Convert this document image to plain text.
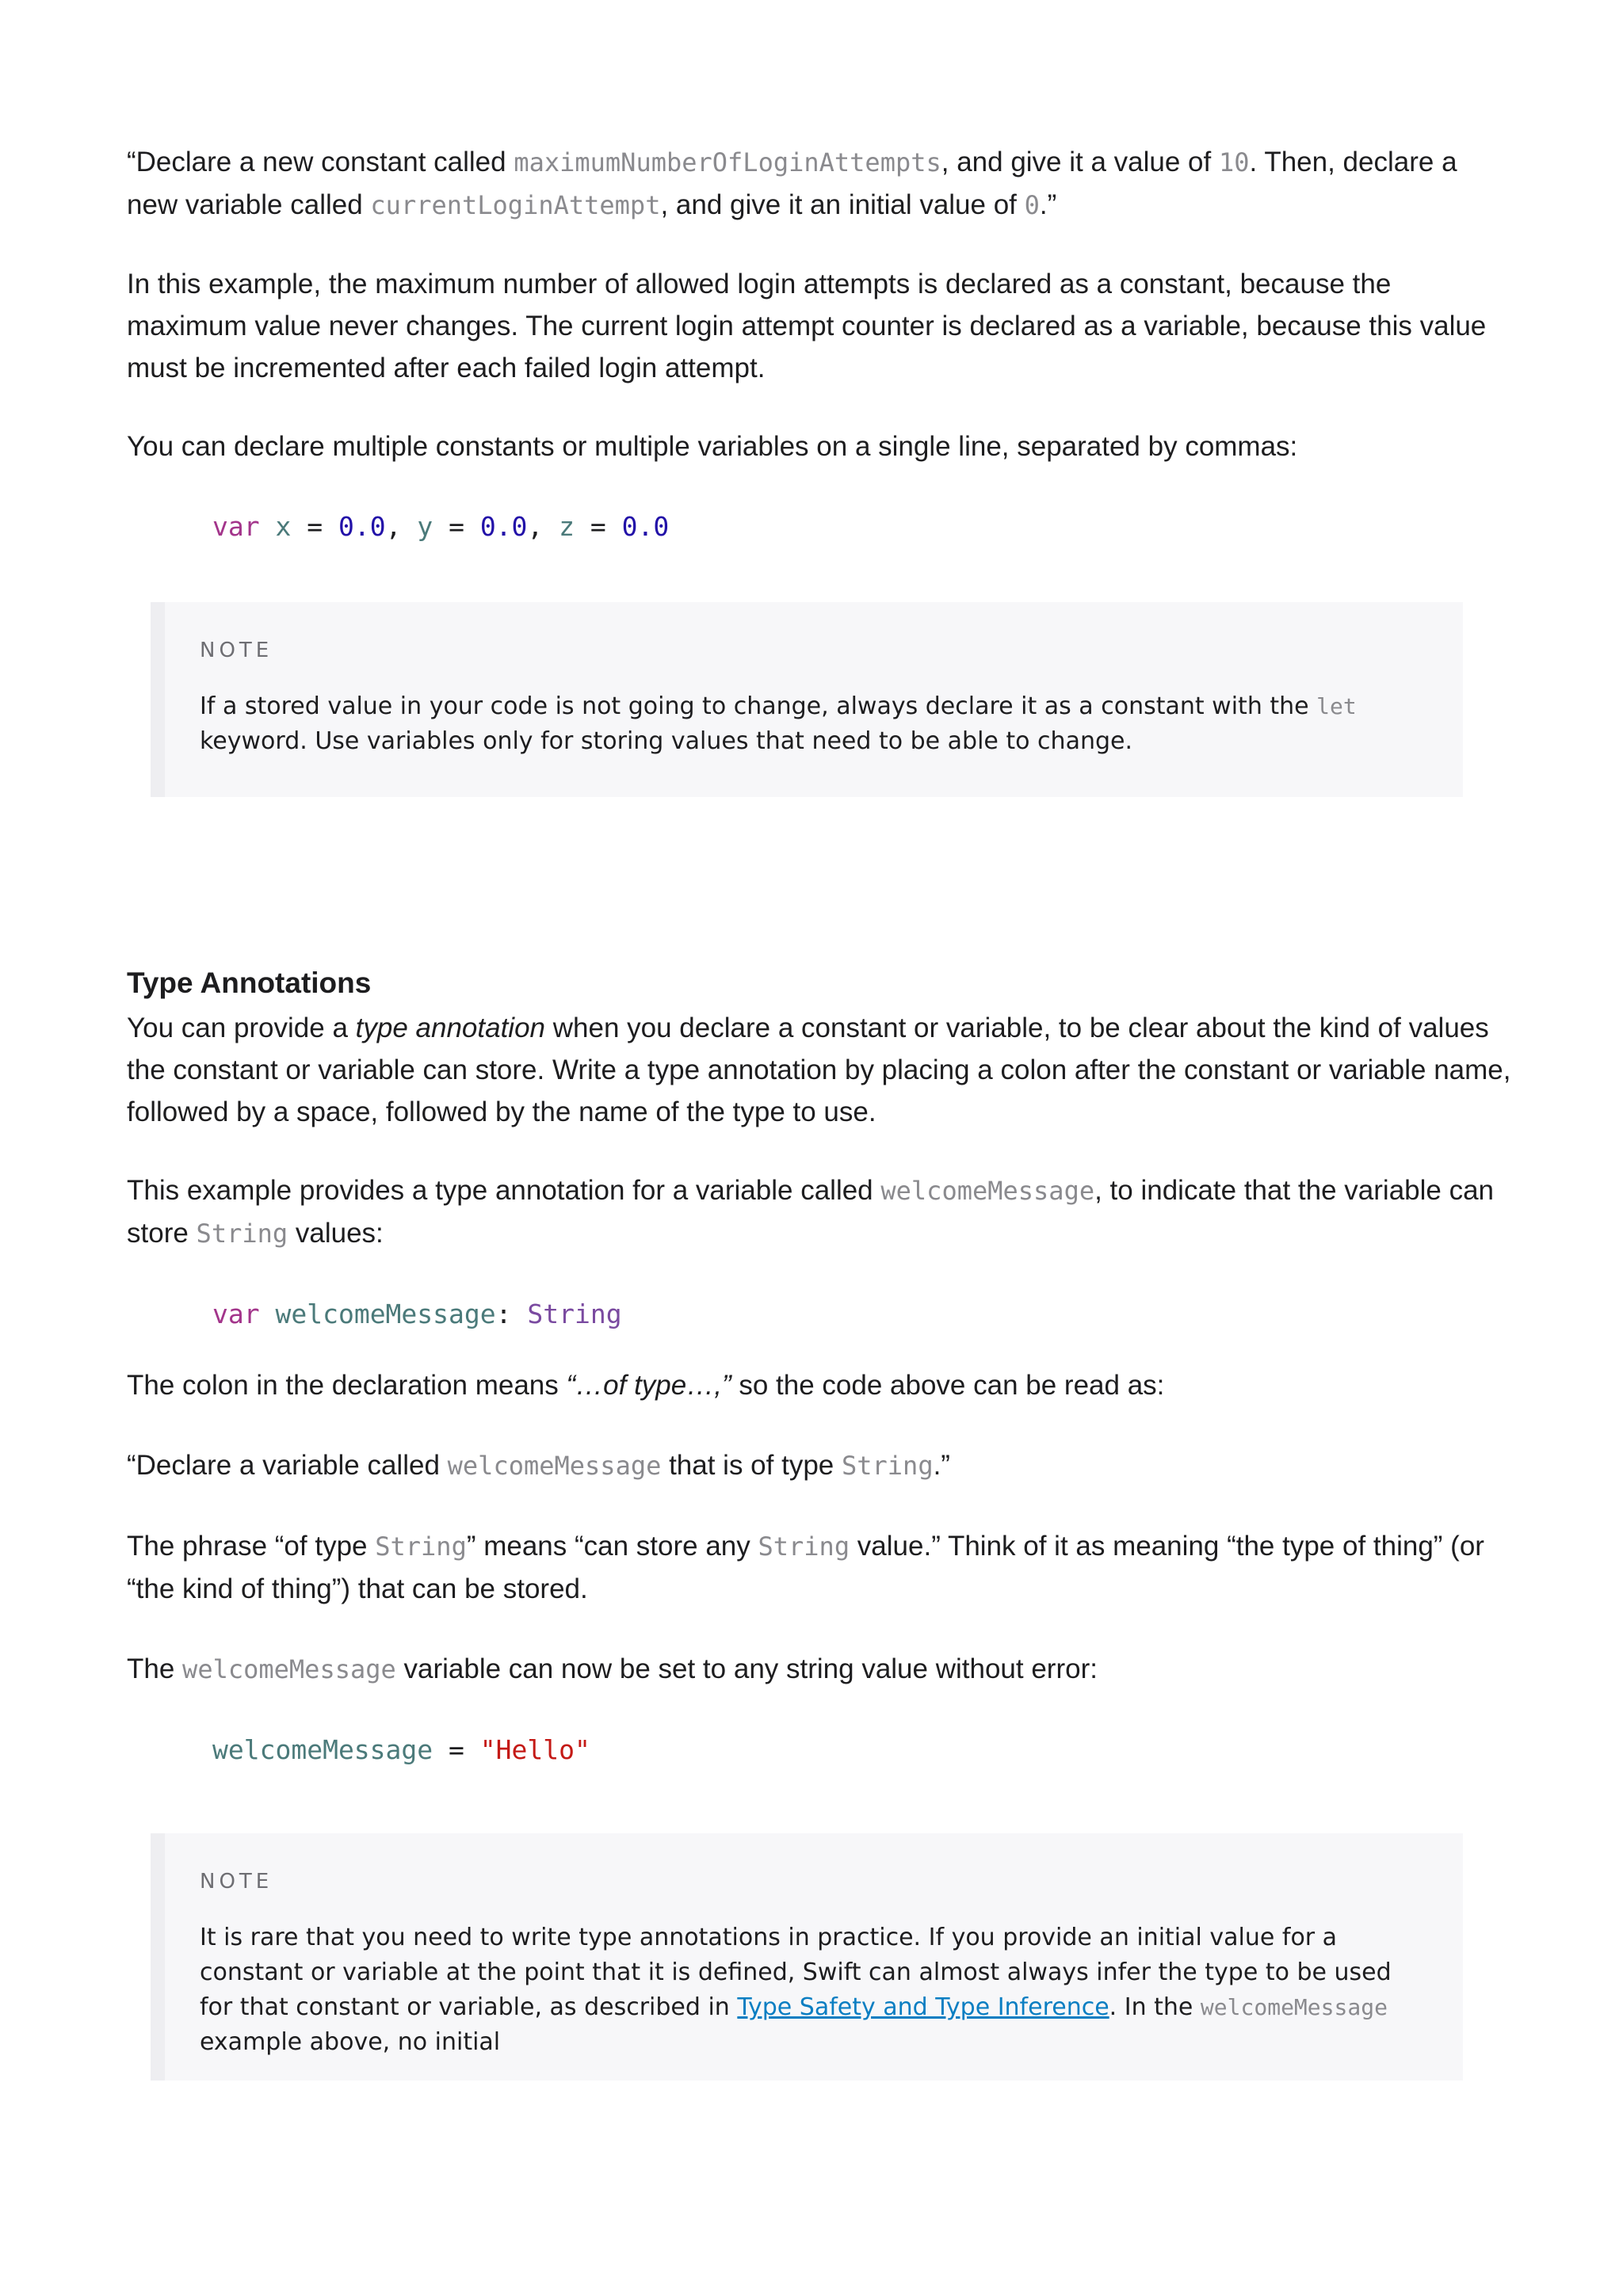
“Declare a new constant called maximumNumberOfLoginAttempts, and give it a value of 10. Then, declare a new variable called currentLoginAttempt, and give it an initial value of 0.”

In this example, the maximum number of allowed login attempts is declared as a constant, because the maximum value never changes. The current login attempt counter is declared as a variable, because this value must be incremented after each failed login attempt.

You can declare multiple constants or multiple variables on a single line, separated by commas:

var x = 0.0, y = 0.0, z = 0.0
NOTE

If a stored value in your code is not going to change, always declare it as a constant with the let keyword. Use variables only for storing values that need to be able to change.

Type Annotations

You can provide a type annotation when you declare a constant or variable, to be clear about the kind of values the constant or variable can store. Write a type annotation by placing a colon after the constant or variable name, followed by a space, followed by the name of the type to use.

This example provides a type annotation for a variable called welcomeMessage, to indicate that the variable can store String values:

var welcomeMessage: String

The colon in the declaration means “…of type…,” so the code above can be read as:

“Declare a variable called welcomeMessage that is of type String.”

The phrase “of type String” means “can store any String value.” Think of it as meaning “the type of thing” (or “the kind of thing”) that can be stored.

The welcomeMessage variable can now be set to any string value without error:

welcomeMessage = "Hello"
NOTE

It is rare that you need to write type annotations in practice. If you provide an initial value for a constant or variable at the point that it is defined, Swift can almost always infer the type to be used for that constant or variable, as described in Type Safety and Type Inference. In the welcomeMessage example above, no initial
